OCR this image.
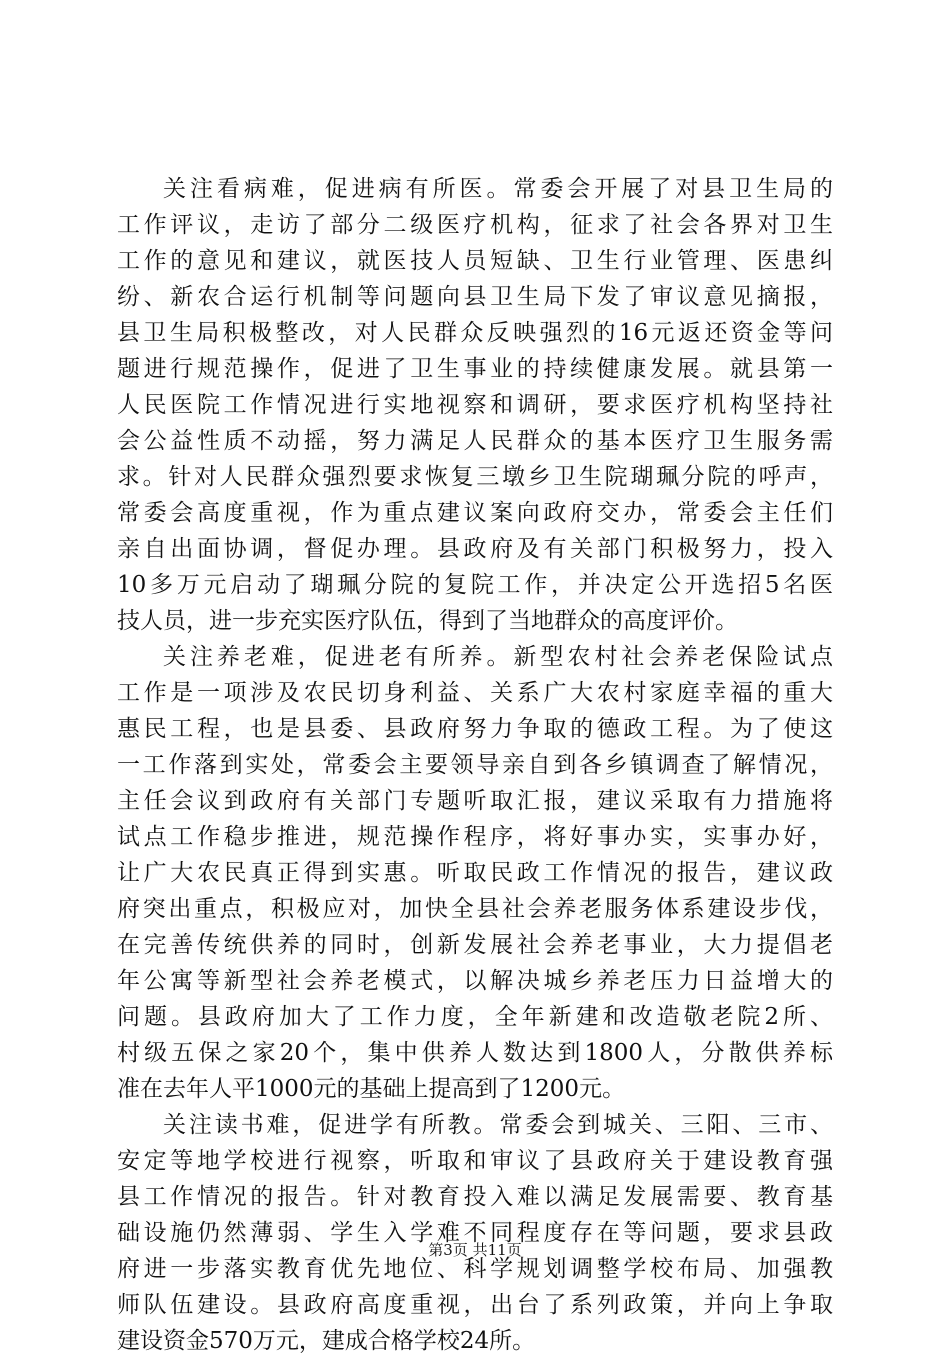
关注看病难，促进病有所医。常委会开展了对县卫生局的
工作评议，走访了部分二级医疗机构，征求了社会各界对卫生
工作的意见和建议，就医技人员短缺、卫生行业管理、医患纠
纷、新农合运行机制等问题向县卫生局下发了审议意见摘报，
县卫生局积极整改，对人民群众反映强烈的16元返还资金等问
题进行规范操作，促进了卫生事业的持续健康发展。就县第一
人民医院工作情况进行实地视察和调研，要求医疗机构坚持社
会公益性质不动摇，努力满足人民群众的基本医疗卫生服务需
求。针对人民群众强烈要求恢复三墩乡卫生院瑚珮分院的呼声，
常委会高度重视，作为重点建议案向政府交办，常委会主任们
亲自出面协调，督促办理。县政府及有关部门积极努力，投入
10多万元启动了瑚珮分院的复院工作，并决定公开选招5名医
技人员，进一步充实医疗队伍，得到了当地群众的高度评价。
关注养老难，促进老有所养。新型农村社会养老保险试点
工作是一项涉及农民切身利益、关系广大农村家庭幸福的重大
惠民工程，也是县委、县政府努力争取的德政工程。为了使这
一工作落到实处，常委会主要领导亲自到各乡镇调查了解情况，
主任会议到政府有关部门专题听取汇报，建议采取有力措施将
试点工作稳步推进，规范操作程序，将好事办实，实事办好，
让广大农民真正得到实惠。听取民政工作情况的报告，建议政
府突出重点，积极应对，加快全县社会养老服务体系建设步伐，
在完善传统供养的同时，创新发展社会养老事业，大力提倡老
年公寓等新型社会养老模式，以解决城乡养老压力日益增大的
问题。县政府加大了工作力度，全年新建和改造敬老院2所、
村级五保之家20个，集中供养人数达到1800人，分散供养标
准在去年人平1000元的基础上提高到了1200元。
关注读书难，促进学有所教。常委会到城关、三阳、三市、
安定等地学校进行视察，听取和审议了县政府关于建设教育强
县工作情况的报告。针对教育投入难以满足发展需要、教育基
础设施仍然薄弱、学生入学难不同程度存在等问题，要求县政
府进一步落实教育优先地位、科学规划调整学校布局、加强教
师队伍建设。县政府高度重视，出台了系列政策，并向上争取
建设资金570万元，建成合格学校24所。
第3页 共11页
